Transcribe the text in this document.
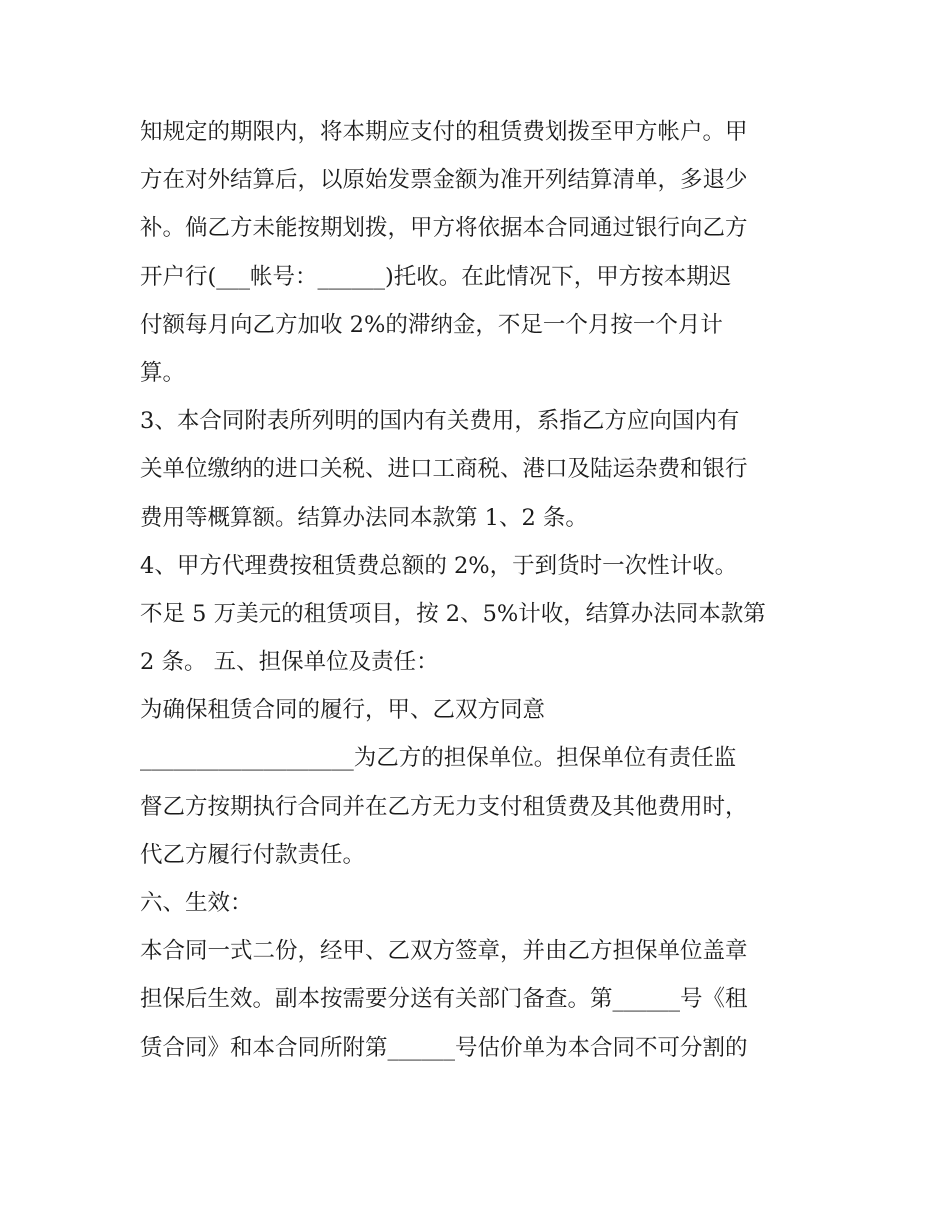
知规定的期限内，将本期应支付的租赁费划拨至甲方帐户。甲
方在对外结算后，以原始发票金额为准开列结算清单，多退少
补。倘乙方未能按期划拨，甲方将依据本合同通过银行向乙方
开户行(___帐号：______)托收。在此情况下，甲方按本期迟
付额每月向乙方加收 2%的滞纳金，不足一个月按一个月计
算。
3、本合同附表所列明的国内有关费用，系指乙方应向国内有
关单位缴纳的进口关税、进口工商税、港口及陆运杂费和银行
费用等概算额。结算办法同本款第 1、2 条。
4、甲方代理费按租赁费总额的 2%，于到货时一次性计收。
不足 5 万美元的租赁项目，按 2、5%计收，结算办法同本款第
2 条。 五、担保单位及责任：
为确保租赁合同的履行，甲、乙双方同意
___________________为乙方的担保单位。担保单位有责任监
督乙方按期执行合同并在乙方无力支付租赁费及其他费用时，
代乙方履行付款责任。
六、生效：
本合同一式二份，经甲、乙双方签章，并由乙方担保单位盖章
担保后生效。副本按需要分送有关部门备查。第______号《租
赁合同》和本合同所附第______号估价单为本合同不可分割的
